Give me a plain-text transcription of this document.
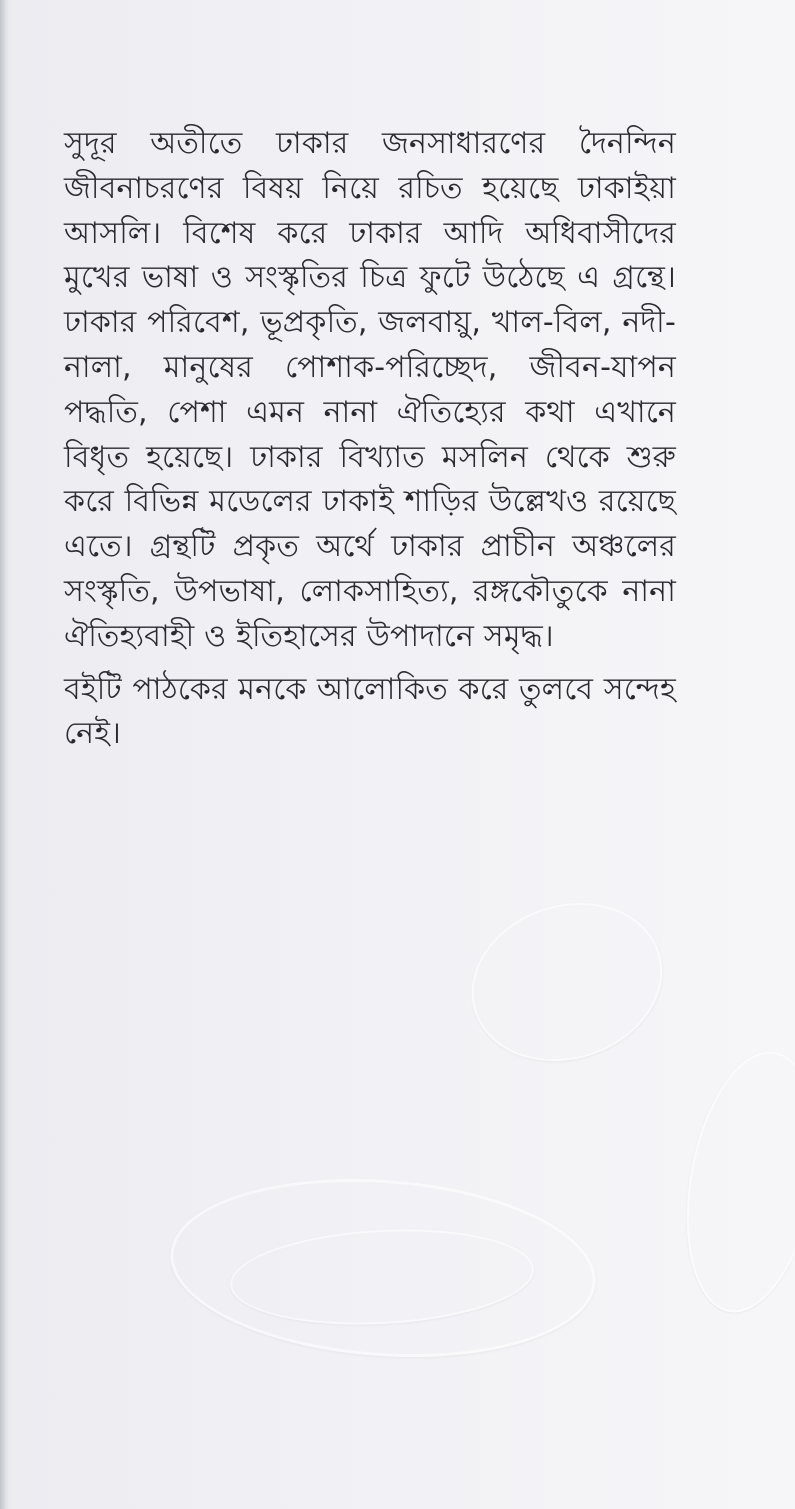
সুদূর অতীতে ঢাকার জনসাধারণের দৈনন্দিন জীবনাচরণের বিষয় নিয়ে রচিত হয়েছে ঢাকাইয়া আসলি। বিশেষ করে ঢাকার আদি অধিবাসীদের মুখের ভাষা ও সংস্কৃতির চিত্র ফুটে উঠেছে এ গ্রন্থে। ঢাকার পরিবেশ, ভূপ্রকৃতি, জলবায়ু, খাল-বিল, নদী-নালা, মানুষের পোশাক-পরিচ্ছেদ, জীবন-যাপন পদ্ধতি, পেশা এমন নানা ঐতিহ্যের কথা এখানে বিধৃত হয়েছে। ঢাকার বিখ্যাত মসলিন থেকে শুরু করে বিভিন্ন মডেলের ঢাকাই শাড়ির উল্লেখও রয়েছে এতে। গ্রন্থটি প্রকৃত অর্থে ঢাকার প্রাচীন অঞ্চলের সংস্কৃতি, উপভাষা, লোকসাহিত্য, রঙ্গকৌতুকে নানা ঐতিহ্যবাহী ও ইতিহাসের উপাদানে সমৃদ্ধ।

বইটি পাঠকের মনকে আলোকিত করে তুলবে সন্দেহ নেই।
